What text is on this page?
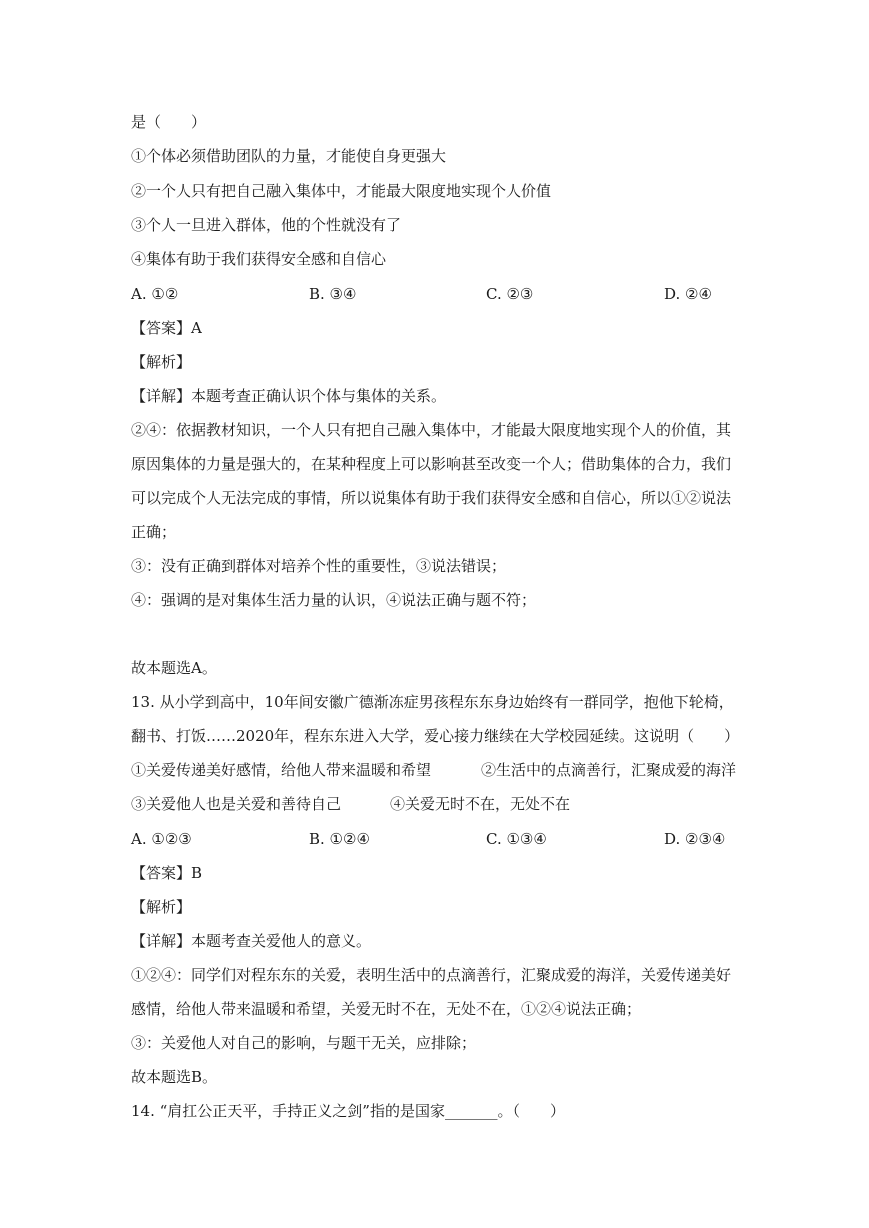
是（　　）
①个体必须借助团队的力量，才能使自身更强大
②一个人只有把自己融入集体中，才能最大限度地实现个人价值
③个人一旦进入群体，他的个性就没有了
④集体有助于我们获得安全感和自信心
A. ①②	B. ③④	C. ②③	D. ②④
【答案】A
【解析】
【详解】本题考查正确认识个体与集体的关系。
②④：依据教材知识，一个人只有把自己融入集体中，才能最大限度地实现个人的价值，其
原因集体的力量是强大的，在某种程度上可以影响甚至改变一个人；借助集体的合力，我们
可以完成个人无法完成的事情，所以说集体有助于我们获得安全感和自信心，所以①②说法
正确；
③：没有正确到群体对培养个性的重要性，③说法错误；
④：强调的是对集体生活力量的认识，④说法正确与题不符；
故本题选A。
13. 从小学到高中，10年间安徽广德渐冻症男孩程东东身边始终有一群同学，抱他下轮椅，
翻书、打饭……2020年，程东东进入大学，爱心接力继续在大学校园延续。这说明（　　）
①关爱传递美好感情，给他人带来温暖和希望	②生活中的点滴善行，汇聚成爱的海洋
③关爱他人也是关爱和善待自己	④关爱无时不在，无处不在
A. ①②③	B. ①②④	C. ①③④	D. ②③④
【答案】B
【解析】
【详解】本题考查关爱他人的意义。
①②④：同学们对程东东的关爱，表明生活中的点滴善行，汇聚成爱的海洋，关爱传递美好
感情，给他人带来温暖和希望，关爱无时不在，无处不在，①②④说法正确；
③：关爱他人对自己的影响，与题干无关，应排除；
故本题选B。
14. “肩扛公正天平，手持正义之剑”指的是国家_______。（　　）
